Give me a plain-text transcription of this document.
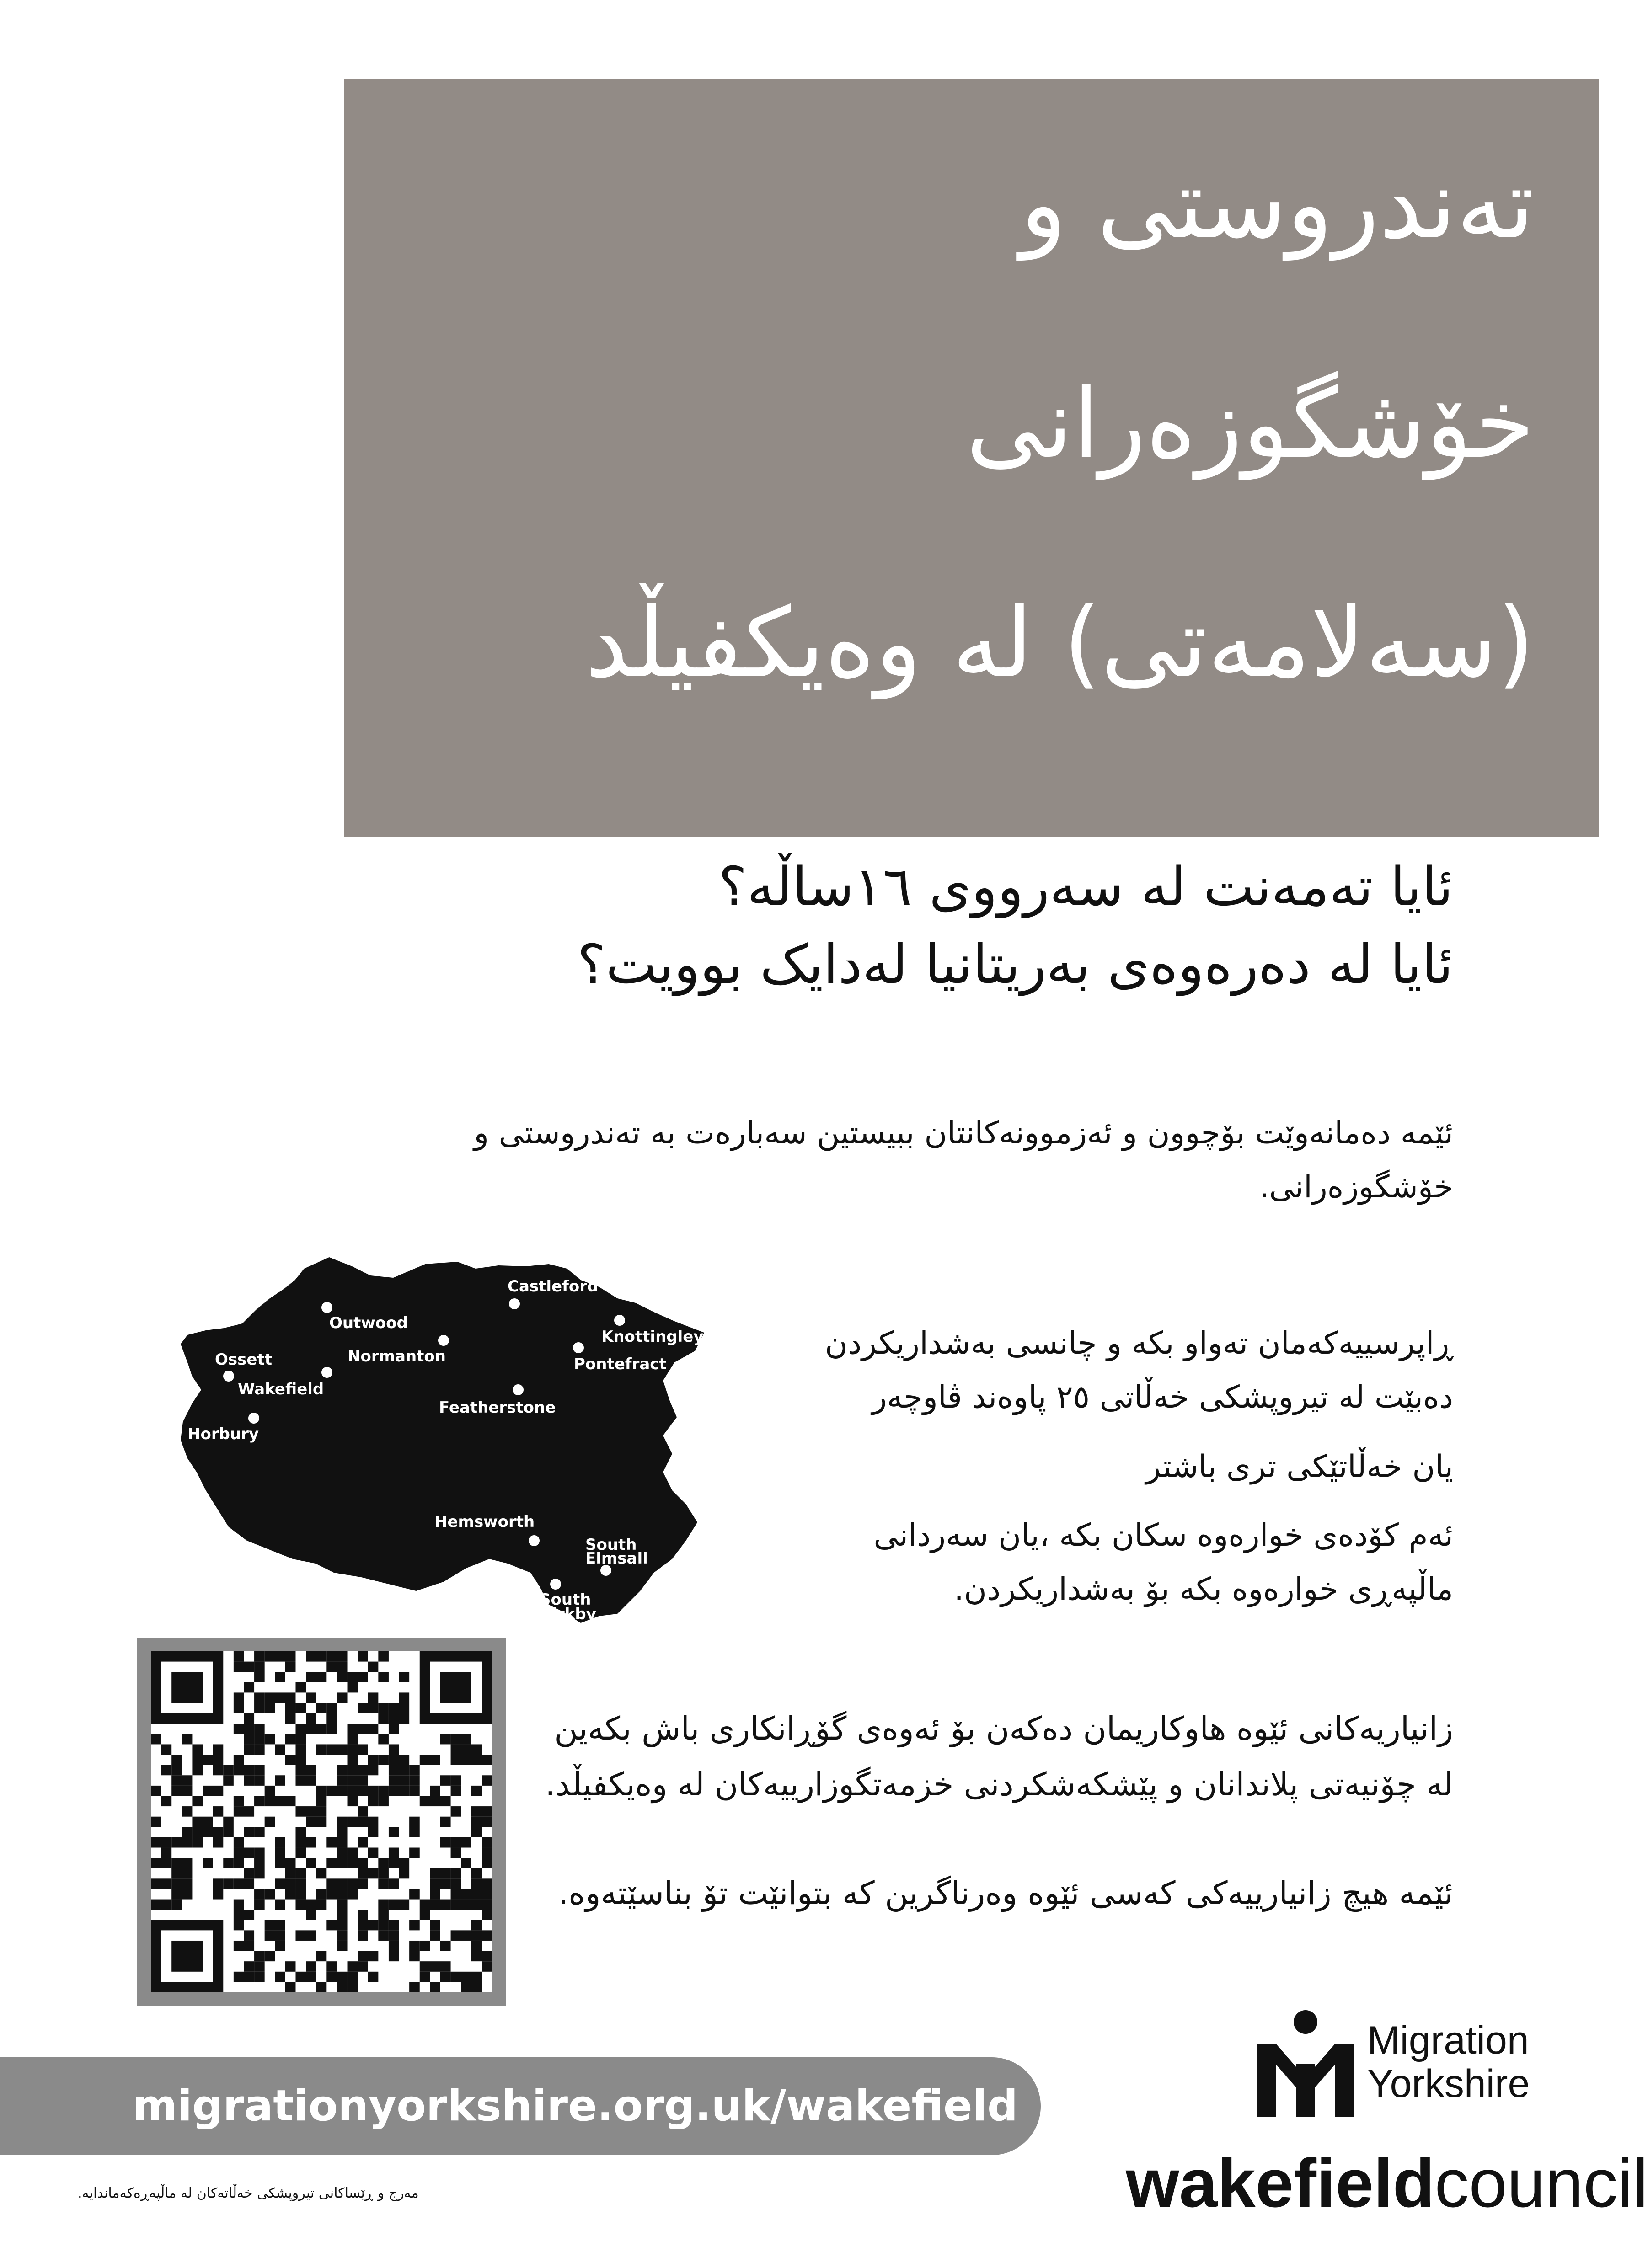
تەندروستی و
خۆشگوزەرانی
(سەلامەتی) لە وەیکفیڵد
ئایا تەمەنت لە سەرووی ١٦ساڵە؟
ئایا لە دەرەوەی بەریتانیا لەدایک بوویت؟
ئێمە دەمانەوێت بۆچوون و ئەزموونەکانتان ببیستین سەبارەت بە تەندروستی و خۆشگوزەرانی.
ڕاپرسییەکەمان تەواو بکە و چانسی بەشداریکردن دەبێت لە تیروپشکی خەڵاتی ٢٥ پاوەند ڤاوچەر
یان خەڵاتێکی تری باشتر
ئەم کۆدەی خوارەوە سکان بکە ،یان سەردانی ماڵپەڕی خوارەوە بکە بۆ بەشداریکردن.
Castleford
Outwood
Knottingley
Normanton
Ossett	Pontefract
Wakefield
Featherstone
Horbury
Hemsworth
South
Elmsall
South
Kirkby
زانیاریەکانی ئێوە هاوکاریمان دەکەن بۆ ئەوەی گۆڕانکاری باش بکەین لە چۆنیەتی پلاندانان و پێشکەشکردنی خزمەتگوزارییەکان لە وەیکفیڵد.
ئێمە هیچ زانیارییەکی کەسی ئێوە وەرناگرین کە بتوانێت تۆ بناسێتەوە.
Migration
Yorkshire
migrationyorkshire.org.uk/wakefield
مەرج و ڕێساکانی تیروپشکی خەڵاتەکان لە ماڵپەڕەکەماندایە.	wakefieldcouncil
